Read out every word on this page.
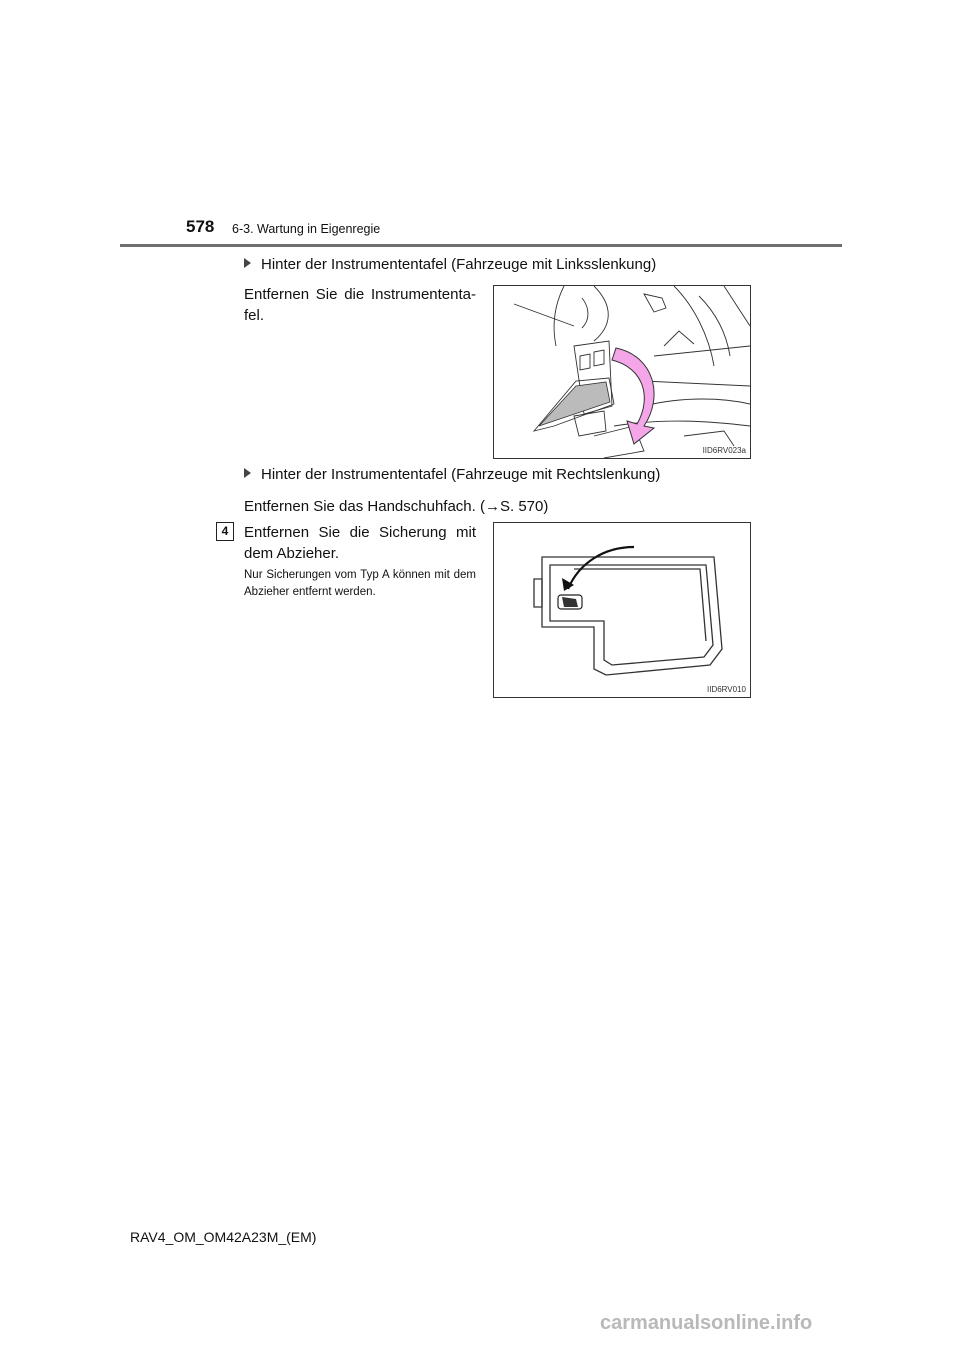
578 6-3. Wartung in Eigenregie
Hinter der Instrumententafel (Fahrzeuge mit Linksslenkung)
Entfernen Sie die Instrumententa-fel.
IID6RV023a
Hinter der Instrumententafel (Fahrzeuge mit Rechtslenkung)
Entfernen Sie das Handschuhfach. (→S. 570)
4	Entfernen Sie die Sicherung mit dem Abzieher.
Nur Sicherungen vom Typ A können mit dem Abzieher entfernt werden.
IID6RV010
RAV4_OM_OM42A23M_(EM)
carmanualsonline.info
